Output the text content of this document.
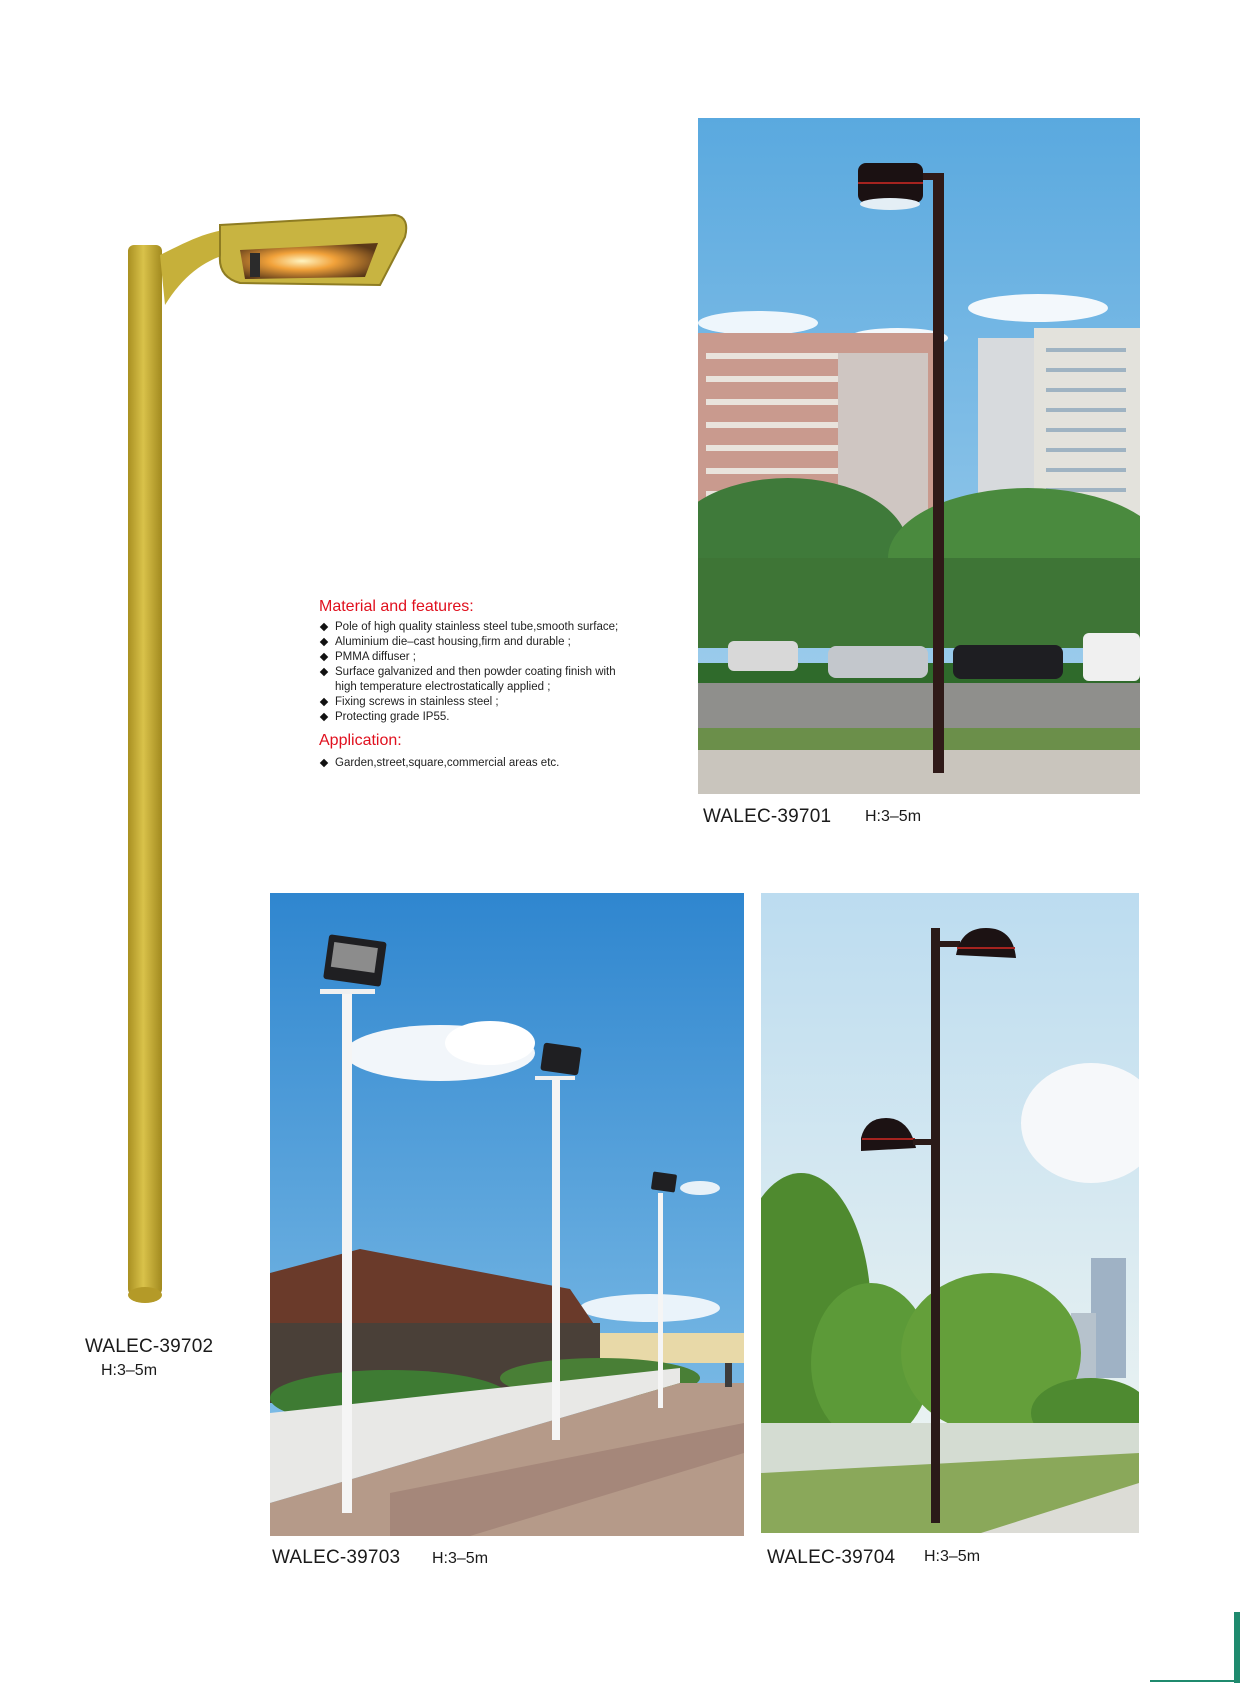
WALEC-39702
H:3–5m
Material and features:
Pole of high quality stainless steel tube,smooth surface;
Aluminium die–cast housing,firm and durable ;
PMMA diffuser ;
Surface galvanized and then powder coating finish with high temperature electrostatically applied ;
Fixing screws in stainless steel ;
Protecting grade IP55.
Application:
Garden,street,square,commercial areas etc.
WALEC-39701 H:3–5m
WALEC-39703 H:3–5m	WALEC-39704 H:3–5m
